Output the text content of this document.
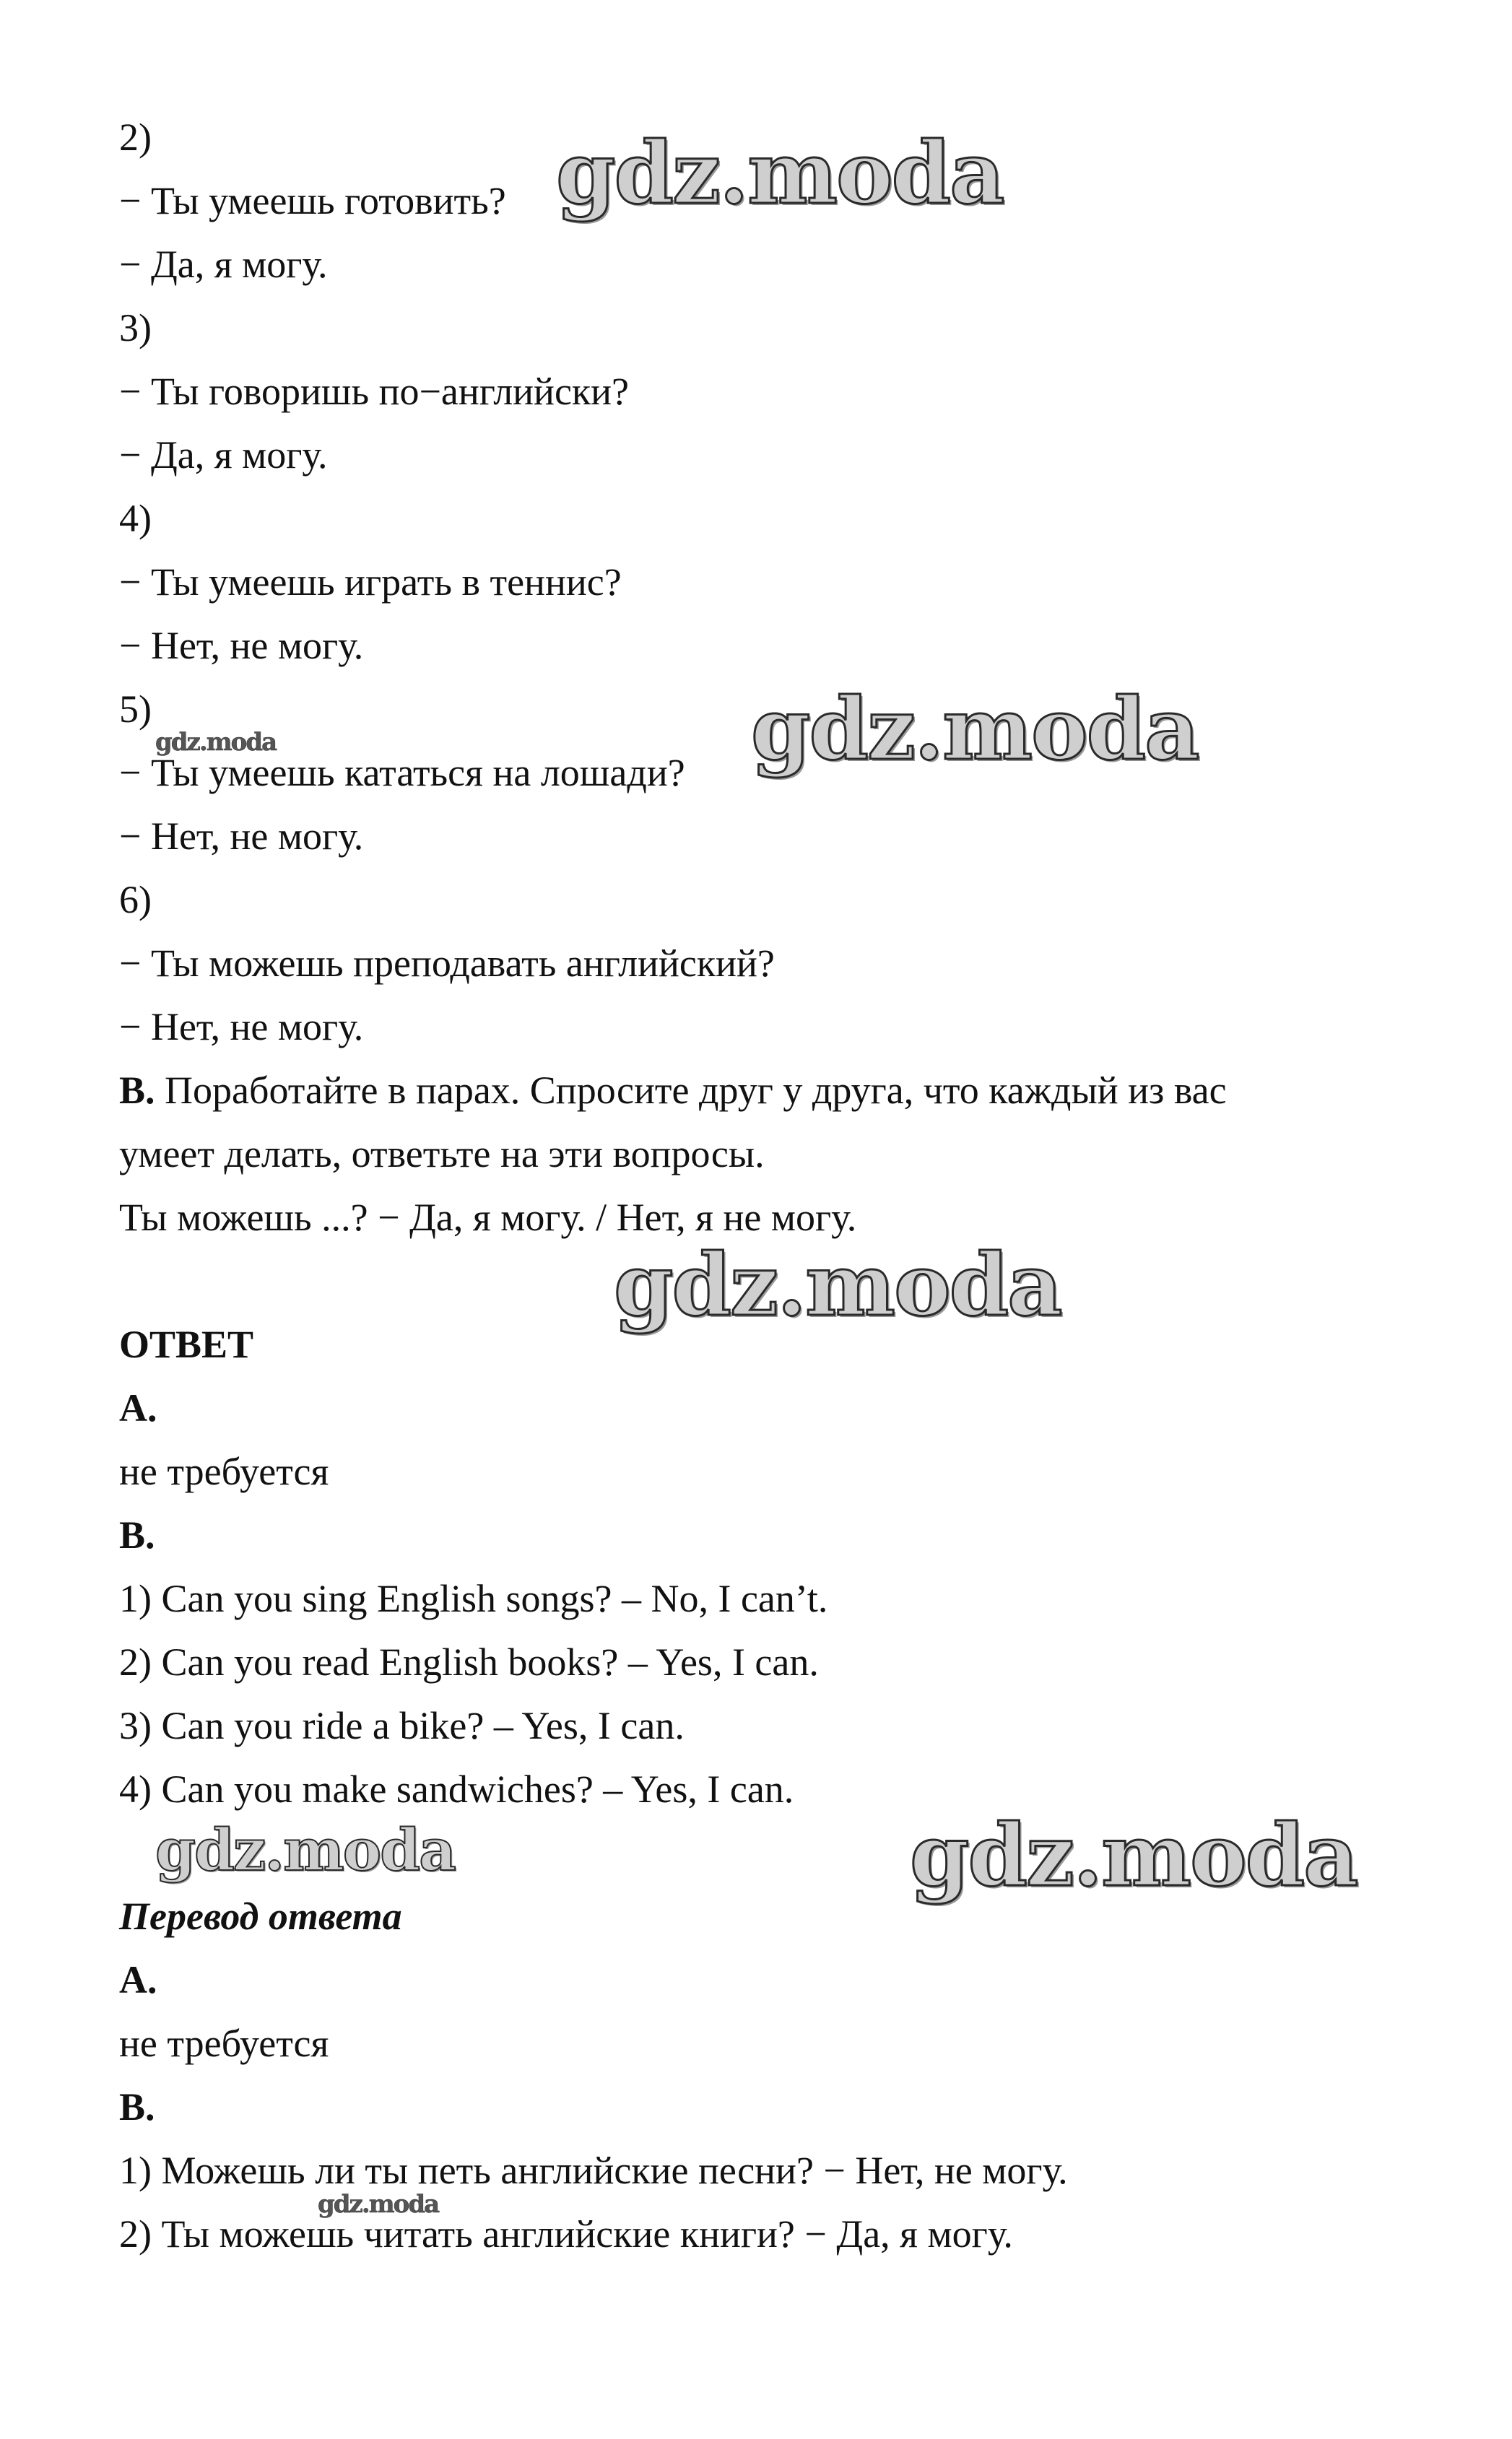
2)
− Ты умеешь готовить?
− Да, я могу.
3)
− Ты говоришь по−английски?
− Да, я могу.
4)
− Ты умеешь играть в теннис?
− Нет, не могу.
5)
− Ты умеешь кататься на лошади?
− Нет, не могу.
6)
− Ты можешь преподавать английский?
− Нет, не могу.
B. Поработайте в парах. Спросите друг у друга, что каждый из вас
умеет делать, ответьте на эти вопросы.
Ты можешь ...? − Да, я могу. / Нет, я не могу.
ОТВЕТ
A.
не требуется
B.
1) Can you sing English songs? – No, I can’t.
2) Can you read English books? – Yes, I can.
3) Can you ride a bike? – Yes, I can.
4) Can you make sandwiches? – Yes, I can.
Перевод ответа
A.
не требуется
B.
1) Можешь ли ты петь английские песни? − Нет, не могу.
2) Ты можешь читать английские книги? − Да, я могу.
gdz.moda
gdz.moda
gdz.moda
gdz.moda
gdz.moda
gdz.moda
gdz.moda
